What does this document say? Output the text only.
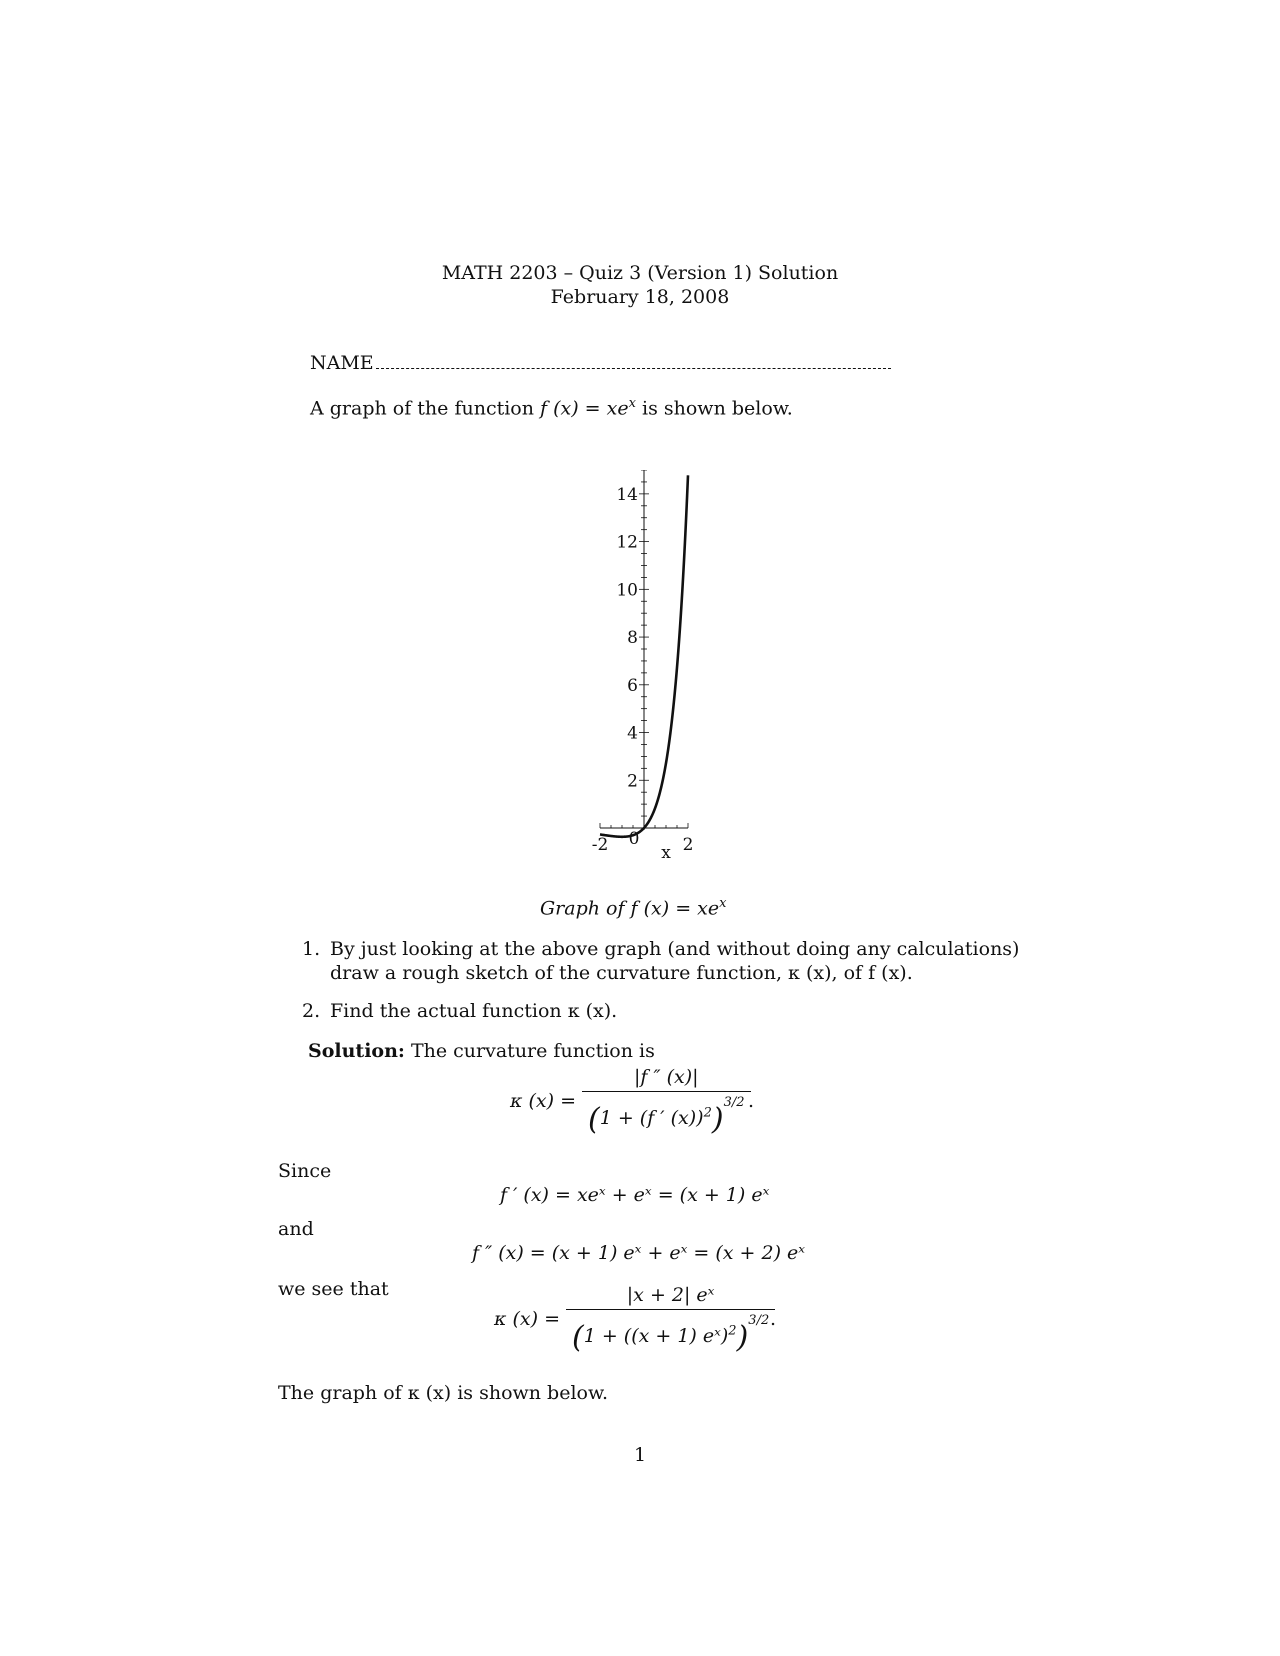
MATH 2203 – Quiz 3 (Version 1) Solution
February 18, 2008
NAME
A graph of the function f $(x) = xe^x$ is shown below.
2
4
6
8
10
12
14
-2	2
0
x
Graph of f $(x) = xe^x$
1. By just looking at the above graph (and without doing any calculations)
draw a rough sketch of the curvature function, κ (x), of f (x).
2. Find the actual function κ (x).
Solution: The curvature function is
κ (x) =
|f ″ (x)|
(1 + (f ′ (x))$^2$)$^{3/2}$ .
Since
f ′ (x) = xeˣ + eˣ = (x + 1) eˣ
and
f ″ (x) = (x + 1) eˣ + eˣ = (x + 2) eˣ
we see that
κ (x) =
|x + 2| eˣ
(1 + ((x + 1) eˣ)$^2$)$^{3/2}$ .
The graph of κ (x) is shown below.
1
